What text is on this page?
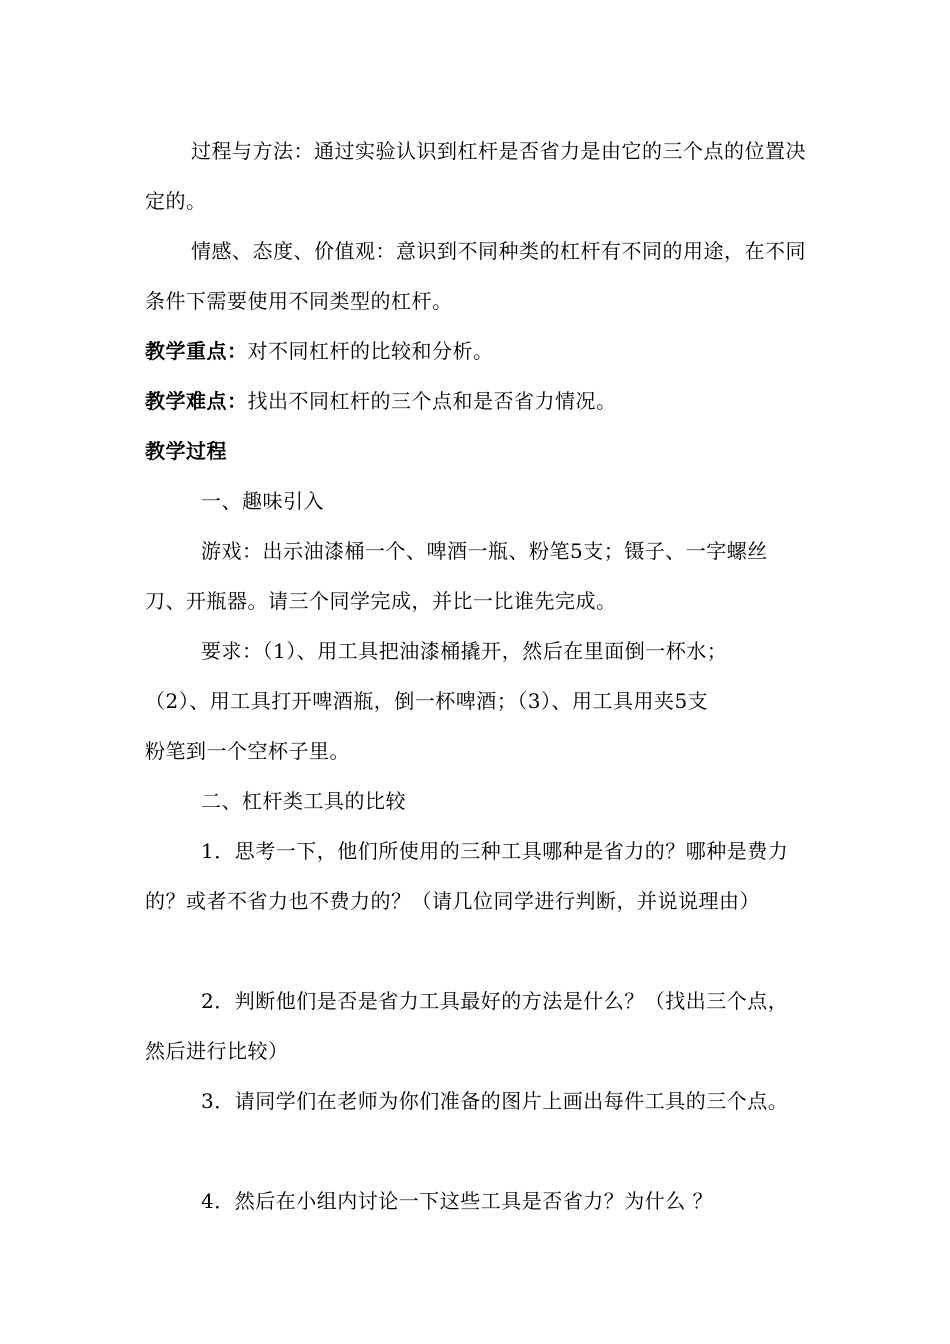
过程与方法：通过实验认识到杠杆是否省力是由它的三个点的位置决定的。
情感、态度、价值观：意识到不同种类的杠杆有不同的用途，在不同条件下需要使用不同类型的杠杆。
教学重点：对不同杠杆的比较和分析。
教学难点：找出不同杠杆的三个点和是否省力情况。
教学过程
一、趣味引入
游戏：出示油漆桶一个、啤酒一瓶、粉笔5支；镊子、一字螺丝刀、开瓶器。请三个同学完成，并比一比谁先完成。
要求：（1）、用工具把油漆桶撬开，然后在里面倒一杯水；
（2）、用工具打开啤酒瓶，倒一杯啤酒；（3）、用工具用夹5支
粉笔到一个空杯子里。
二、杠杆类工具的比较
1．思考一下，他们所使用的三种工具哪种是省力的？哪种是费力的？或者不省力也不费力的？（请几位同学进行判断，并说说理由）
2．判断他们是否是省力工具最好的方法是什么？（找出三个点，然后进行比较）
3．请同学们在老师为你们准备的图片上画出每件工具的三个点。
4．然后在小组内讨论一下这些工具是否省力？为什么 ？
